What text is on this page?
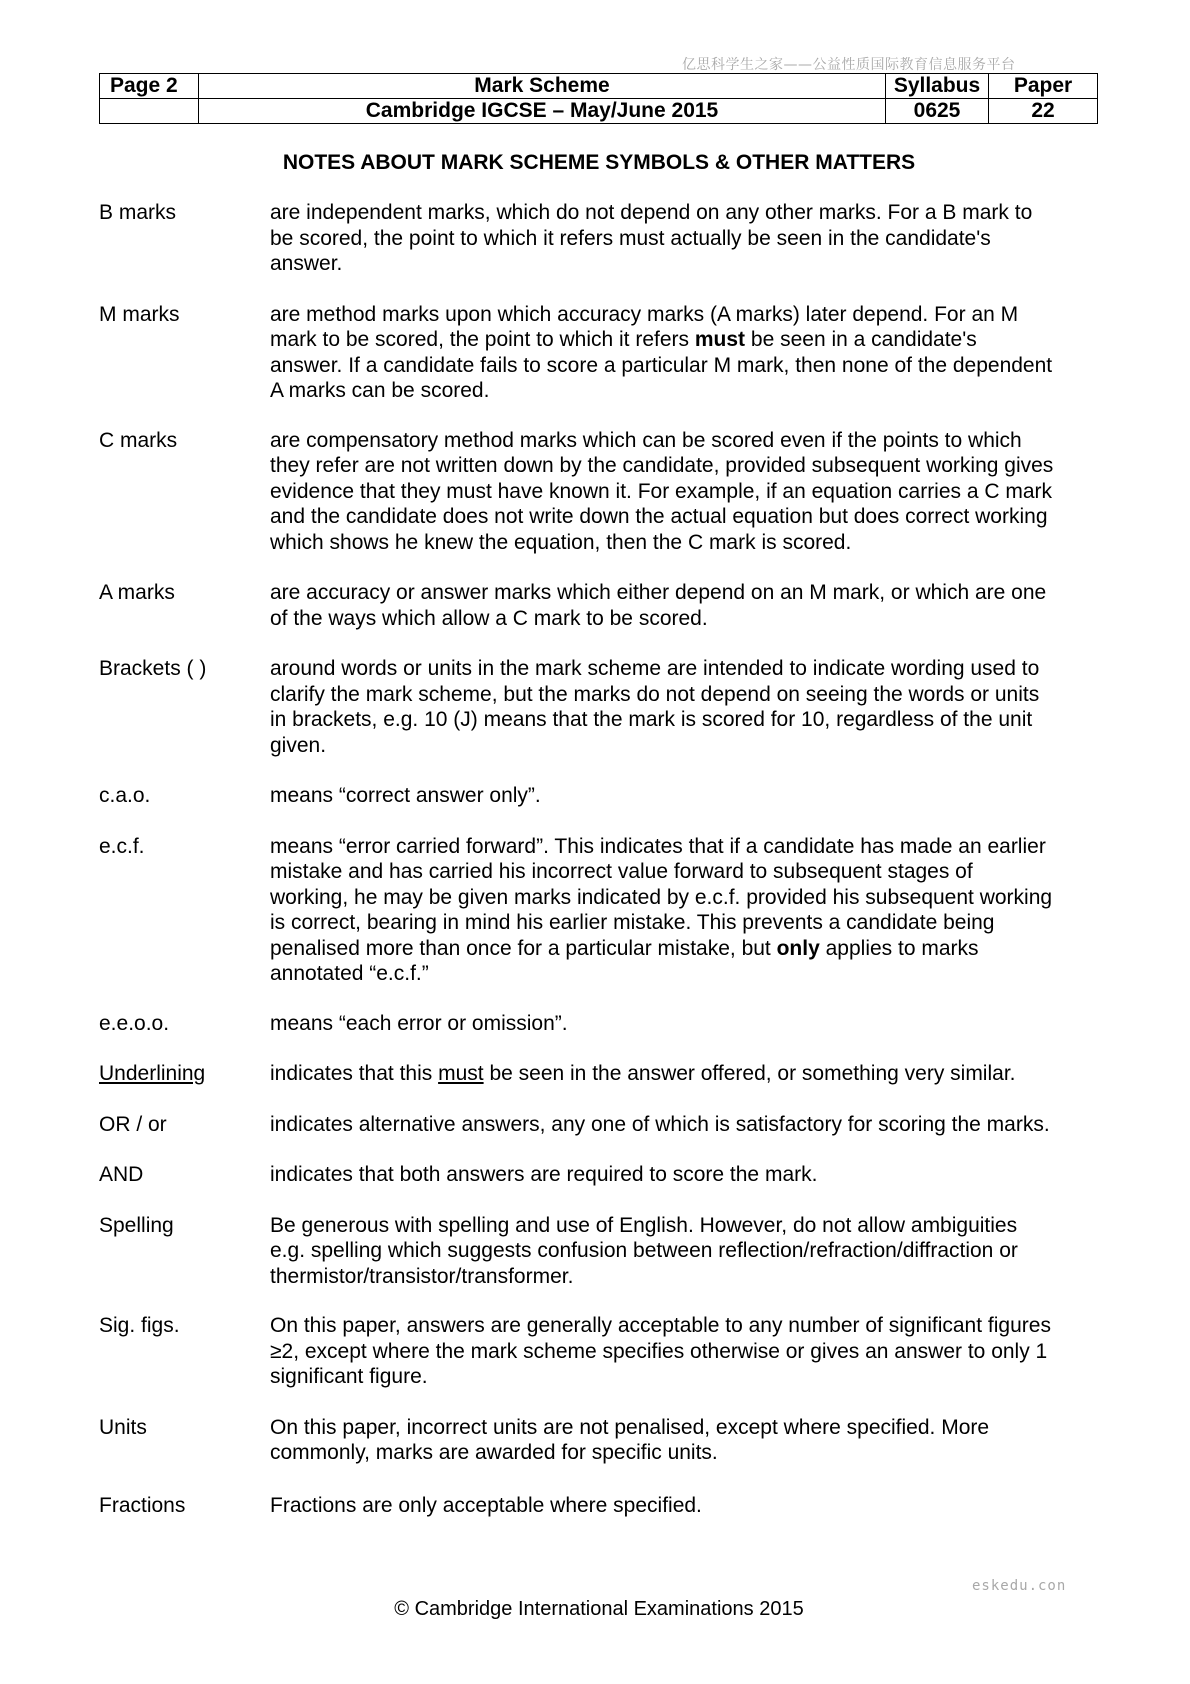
亿思科学生之家——公益性质国际教育信息服务平台
Page 2	Mark Scheme	Syllabus	Paper
	Cambridge IGCSE – May/June 2015	0625	22
NOTES ABOUT MARK SCHEME SYMBOLS & OTHER MATTERS
B marks	are independent marks, which do not depend on any other marks. For a B mark to
be scored, the point to which it refers must actually be seen in the candidate's
answer.
M marks	are method marks upon which accuracy marks (A marks) later depend. For an M
mark to be scored, the point to which it refers must be seen in a candidate's
answer. If a candidate fails to score a particular M mark, then none of the dependent
A marks can be scored.
C marks	are compensatory method marks which can be scored even if the points to which
they refer are not written down by the candidate, provided subsequent working gives
evidence that they must have known it. For example, if an equation carries a C mark
and the candidate does not write down the actual equation but does correct working
which shows he knew the equation, then the C mark is scored.
A marks	are accuracy or answer marks which either depend on an M mark, or which are one
of the ways which allow a C mark to be scored.
Brackets ( )	around words or units in the mark scheme are intended to indicate wording used to
clarify the mark scheme, but the marks do not depend on seeing the words or units
in brackets, e.g. 10 (J) means that the mark is scored for 10, regardless of the unit
given.
c.a.o.	means “correct answer only”.
e.c.f.	means “error carried forward”. This indicates that if a candidate has made an earlier
mistake and has carried his incorrect value forward to subsequent stages of
working, he may be given marks indicated by e.c.f. provided his subsequent working
is correct, bearing in mind his earlier mistake. This prevents a candidate being
penalised more than once for a particular mistake, but only applies to marks
annotated “e.c.f.”
e.e.o.o.	means “each error or omission”.
Underlining	indicates that this must be seen in the answer offered, or something very similar.
OR / or	indicates alternative answers, any one of which is satisfactory for scoring the marks.
AND	indicates that both answers are required to score the mark.
Spelling	Be generous with spelling and use of English. However, do not allow ambiguities
e.g. spelling which suggests confusion between reflection/refraction/diffraction or
thermistor/transistor/transformer.
Sig. figs.	On this paper, answers are generally acceptable to any number of significant figures
≥2, except where the mark scheme specifies otherwise or gives an answer to only 1
significant figure.
Units	On this paper, incorrect units are not penalised, except where specified. More
commonly, marks are awarded for specific units.
Fractions	Fractions are only acceptable where specified.
eskedu.con
© Cambridge International Examinations 2015
